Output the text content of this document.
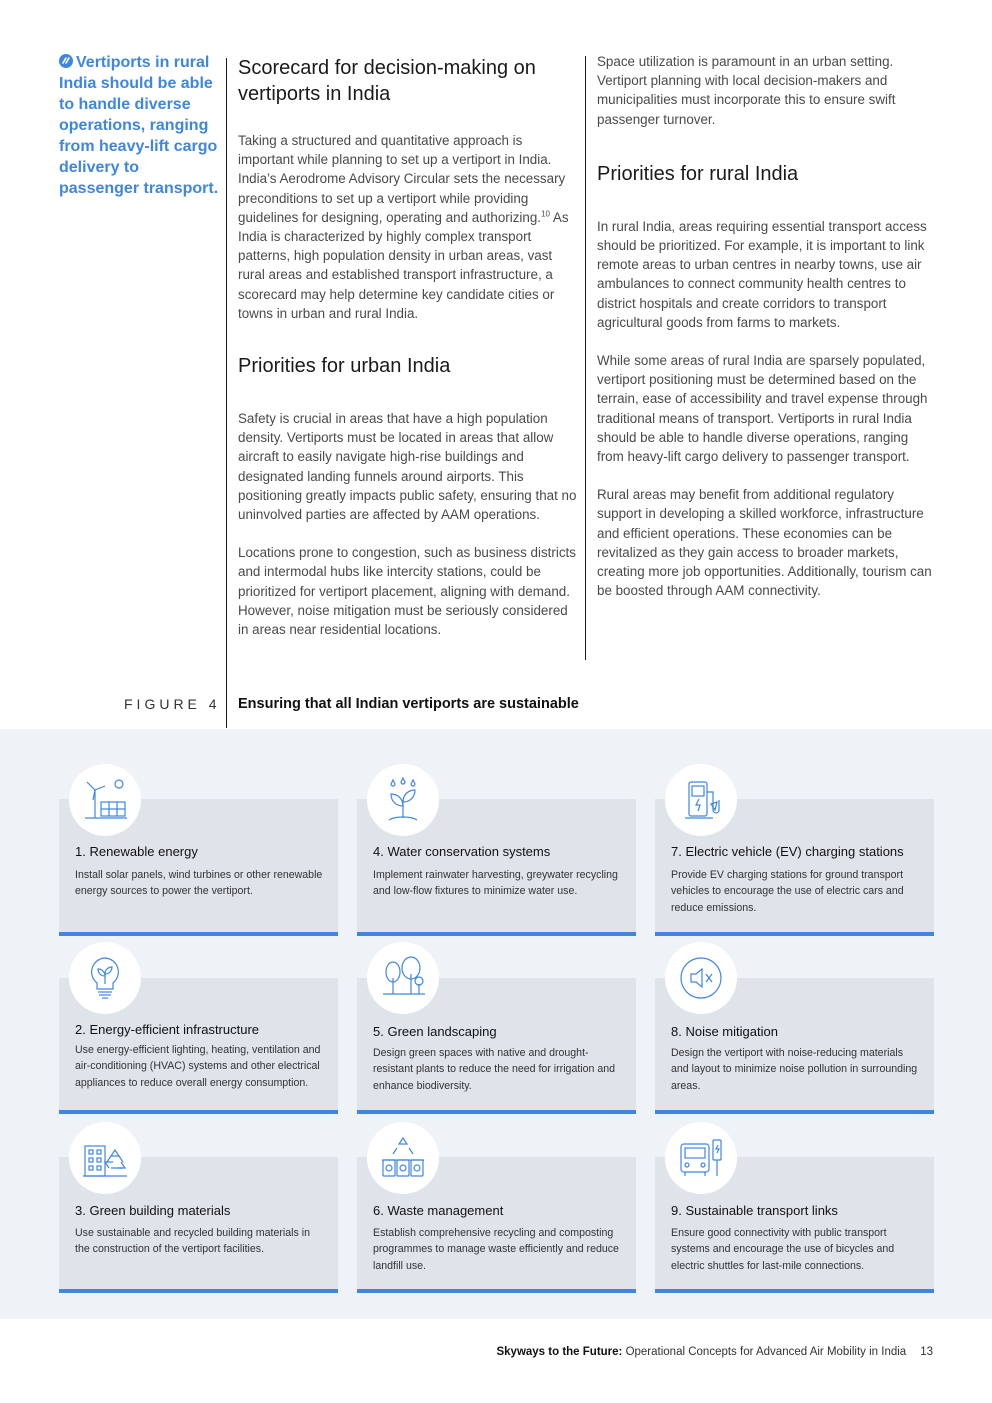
Vertiports in rural India should be able to handle diverse operations, ranging from heavy-lift cargo delivery to passenger transport.
Scorecard for decision-making on vertiports in India

Taking a structured and quantitative approach is important while planning to set up a vertiport in India. India’s Aerodrome Advisory Circular sets the necessary preconditions to set up a vertiport while providing guidelines for designing, operating and authorizing.$^{10}$ As India is characterized by highly complex transport patterns, high population density in urban areas, vast rural areas and established transport infrastructure, a scorecard may help determine key candidate cities or towns in urban and rural India.

Priorities for urban India

Safety is crucial in areas that have a high population density. Vertiports must be located in areas that allow aircraft to easily navigate high-rise buildings and designated landing funnels around airports. This positioning greatly impacts public safety, ensuring that no uninvolved parties are affected by AAM operations.

Locations prone to congestion, such as business districts and intermodal hubs like intercity stations, could be prioritized for vertiport placement, aligning with demand. However, noise mitigation must be seriously considered in areas near residential locations.

Space utilization is paramount in an urban setting. Vertiport planning with local decision-makers and municipalities must incorporate this to ensure swift passenger turnover.

Priorities for rural India

In rural India, areas requiring essential transport access should be prioritized. For example, it is important to link remote areas to urban centres in nearby towns, use air ambulances to connect community health centres to district hospitals and create corridors to transport agricultural goods from farms to markets.

While some areas of rural India are sparsely populated, vertiport positioning must be determined based on the terrain, ease of accessibility and travel expense through traditional means of transport. Vertiports in rural India should be able to handle diverse operations, ranging from heavy-lift cargo delivery to passenger transport.

Rural areas may benefit from additional regulatory support in developing a skilled workforce, infrastructure and efficient operations. These economies can be revitalized as they gain access to broader markets, creating more job opportunities. Additionally, tourism can be boosted through AAM connectivity.

FIGURE 4 Ensuring that all Indian vertiports are sustainable
1. Renewable energy
Install solar panels, wind turbines or other renewable energy sources to power the vertiport.
4. Water conservation systems
Implement rainwater harvesting, greywater recycling and low-flow fixtures to minimize water use.
7. Electric vehicle (EV) charging stations
Provide EV charging stations for ground transport vehicles to encourage the use of electric cars and reduce emissions.
2. Energy-efficient infrastructure
Use energy-efficient lighting, heating, ventilation and air-conditioning (HVAC) systems and other electrical appliances to reduce overall energy consumption.
5. Green landscaping
Design green spaces with native and drought-resistant plants to reduce the need for irrigation and enhance biodiversity.
8. Noise mitigation
Design the vertiport with noise-reducing materials and layout to minimize noise pollution in surrounding areas.
3. Green building materials
Use sustainable and recycled building materials in the construction of the vertiport facilities.
6. Waste management
Establish comprehensive recycling and composting programmes to manage waste efficiently and reduce landfill use.
9. Sustainable transport links
Ensure good connectivity with public transport systems and encourage the use of bicycles and electric shuttles for last-mile connections.
Skyways to the Future: Operational Concepts for Advanced Air Mobility in India 13
